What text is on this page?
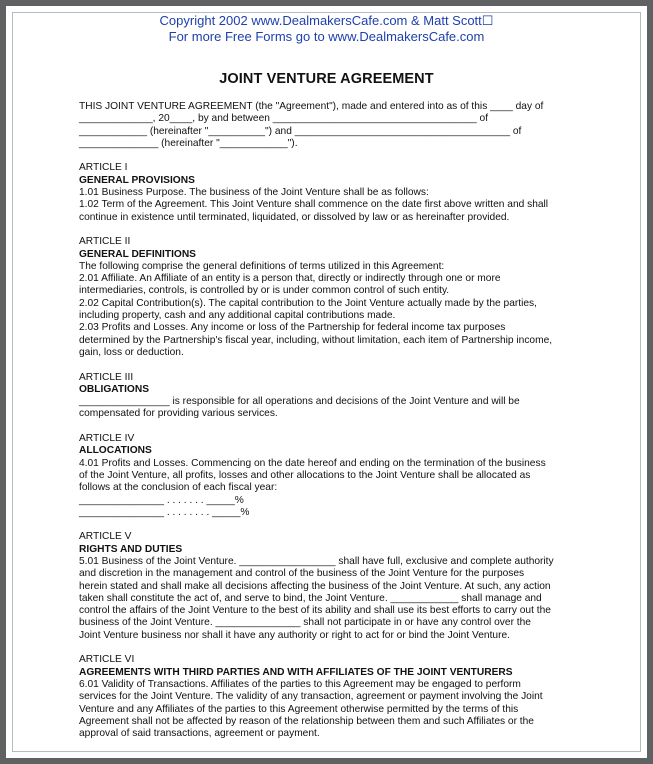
Copyright 2002 www.DealmakersCafe.com & Matt Scott☐
For more Free Forms go to www.DealmakersCafe.com
JOINT VENTURE AGREEMENT
THIS JOINT VENTURE AGREEMENT (the "Agreement"), made and entered into as of this ____ day of
_____________, 20____, by and between ____________________________________ of
____________ (hereinafter "__________") and ______________________________________ of
______________ (hereinafter "____________").
ARTICLE I
GENERAL PROVISIONS
1.01 Business Purpose. The business of the Joint Venture shall be as follows:
1.02 Term of the Agreement. This Joint Venture shall commence on the date first above written and shall
continue in existence until terminated, liquidated, or dissolved by law or as hereinafter provided.
ARTICLE II
GENERAL DEFINITIONS
The following comprise the general definitions of terms utilized in this Agreement:
2.01 Affiliate. An Affiliate of an entity is a person that, directly or indirectly through one or more
intermediaries, controls, is controlled by or is under common control of such entity.
2.02 Capital Contribution(s). The capital contribution to the Joint Venture actually made by the parties,
including property, cash and any additional capital contributions made.
2.03 Profits and Losses. Any income or loss of the Partnership for federal income tax purposes
determined by the Partnership's fiscal year, including, without limitation, each item of Partnership income,
gain, loss or deduction.
ARTICLE III
OBLIGATIONS
________________ is responsible for all operations and decisions of the Joint Venture and will be
compensated for providing various services.
ARTICLE IV
ALLOCATIONS
4.01 Profits and Losses. Commencing on the date hereof and ending on the termination of the business
of the Joint Venture, all profits, losses and other allocations to the Joint Venture shall be allocated as
follows at the conclusion of each fiscal year:
_______________ . . . . . . . _____%
_______________ . . . . . . . . _____%
ARTICLE V
RIGHTS AND DUTIES
5.01 Business of the Joint Venture. _________________ shall have full, exclusive and complete authority
and discretion in the management and control of the business of the Joint Venture for the purposes
herein stated and shall make all decisions affecting the business of the Joint Venture. At such, any action
taken shall constitute the act of, and serve to bind, the Joint Venture. ____________ shall manage and
control the affairs of the Joint Venture to the best of its ability and shall use its best efforts to carry out the
business of the Joint Venture. _______________ shall not participate in or have any control over the
Joint Venture business nor shall it have any authority or right to act for or bind the Joint Venture.
ARTICLE VI
AGREEMENTS WITH THIRD PARTIES AND WITH AFFILIATES OF THE JOINT VENTURERS
6.01 Validity of Transactions. Affiliates of the parties to this Agreement may be engaged to perform
services for the Joint Venture. The validity of any transaction, agreement or payment involving the Joint
Venture and any Affiliates of the parties to this Agreement otherwise permitted by the terms of this
Agreement shall not be affected by reason of the relationship between them and such Affiliates or the
approval of said transactions, agreement or payment.
